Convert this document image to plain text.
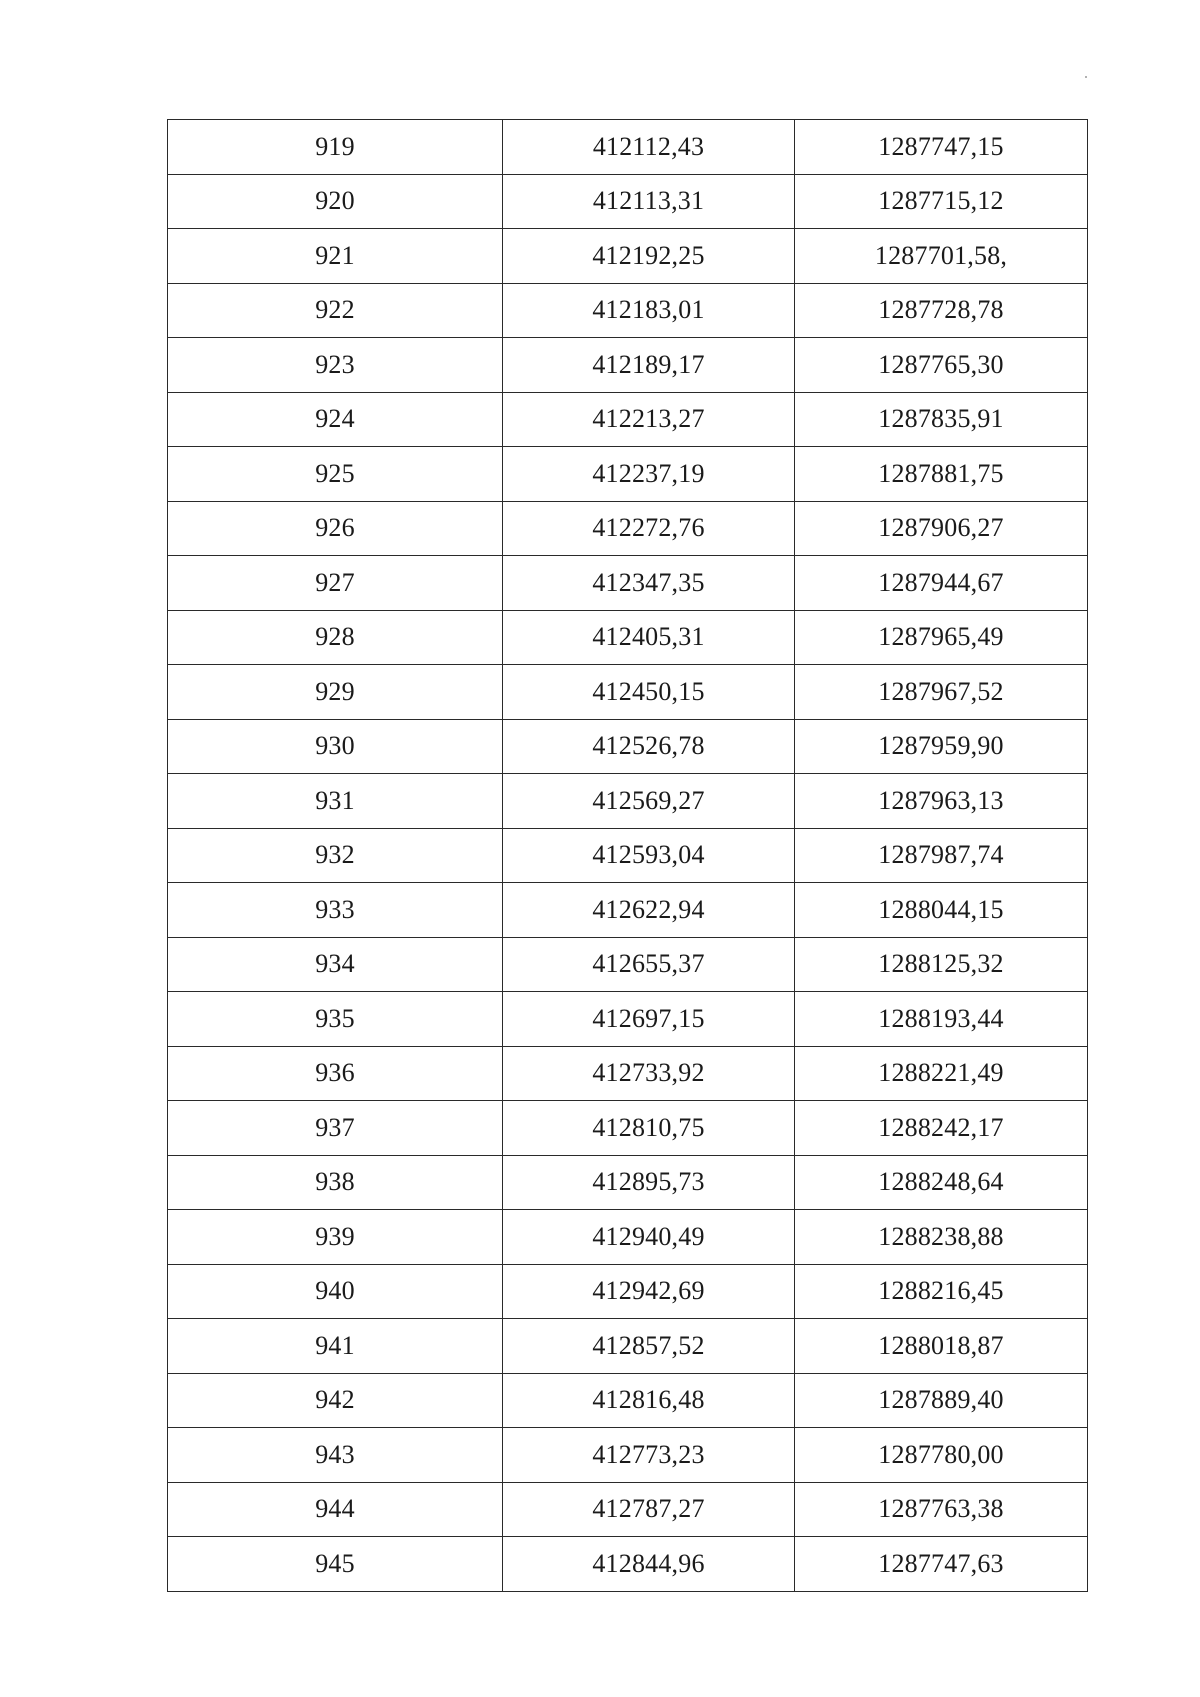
919	412112,43	1287747,15
920	412113,31	1287715,12
921	412192,25	1287701,58,
922	412183,01	1287728,78
923	412189,17	1287765,30
924	412213,27	1287835,91
925	412237,19	1287881,75
926	412272,76	1287906,27
927	412347,35	1287944,67
928	412405,31	1287965,49
929	412450,15	1287967,52
930	412526,78	1287959,90
931	412569,27	1287963,13
932	412593,04	1287987,74
933	412622,94	1288044,15
934	412655,37	1288125,32
935	412697,15	1288193,44
936	412733,92	1288221,49
937	412810,75	1288242,17
938	412895,73	1288248,64
939	412940,49	1288238,88
940	412942,69	1288216,45
941	412857,52	1288018,87
942	412816,48	1287889,40
943	412773,23	1287780,00
944	412787,27	1287763,38
945	412844,96	1287747,63
